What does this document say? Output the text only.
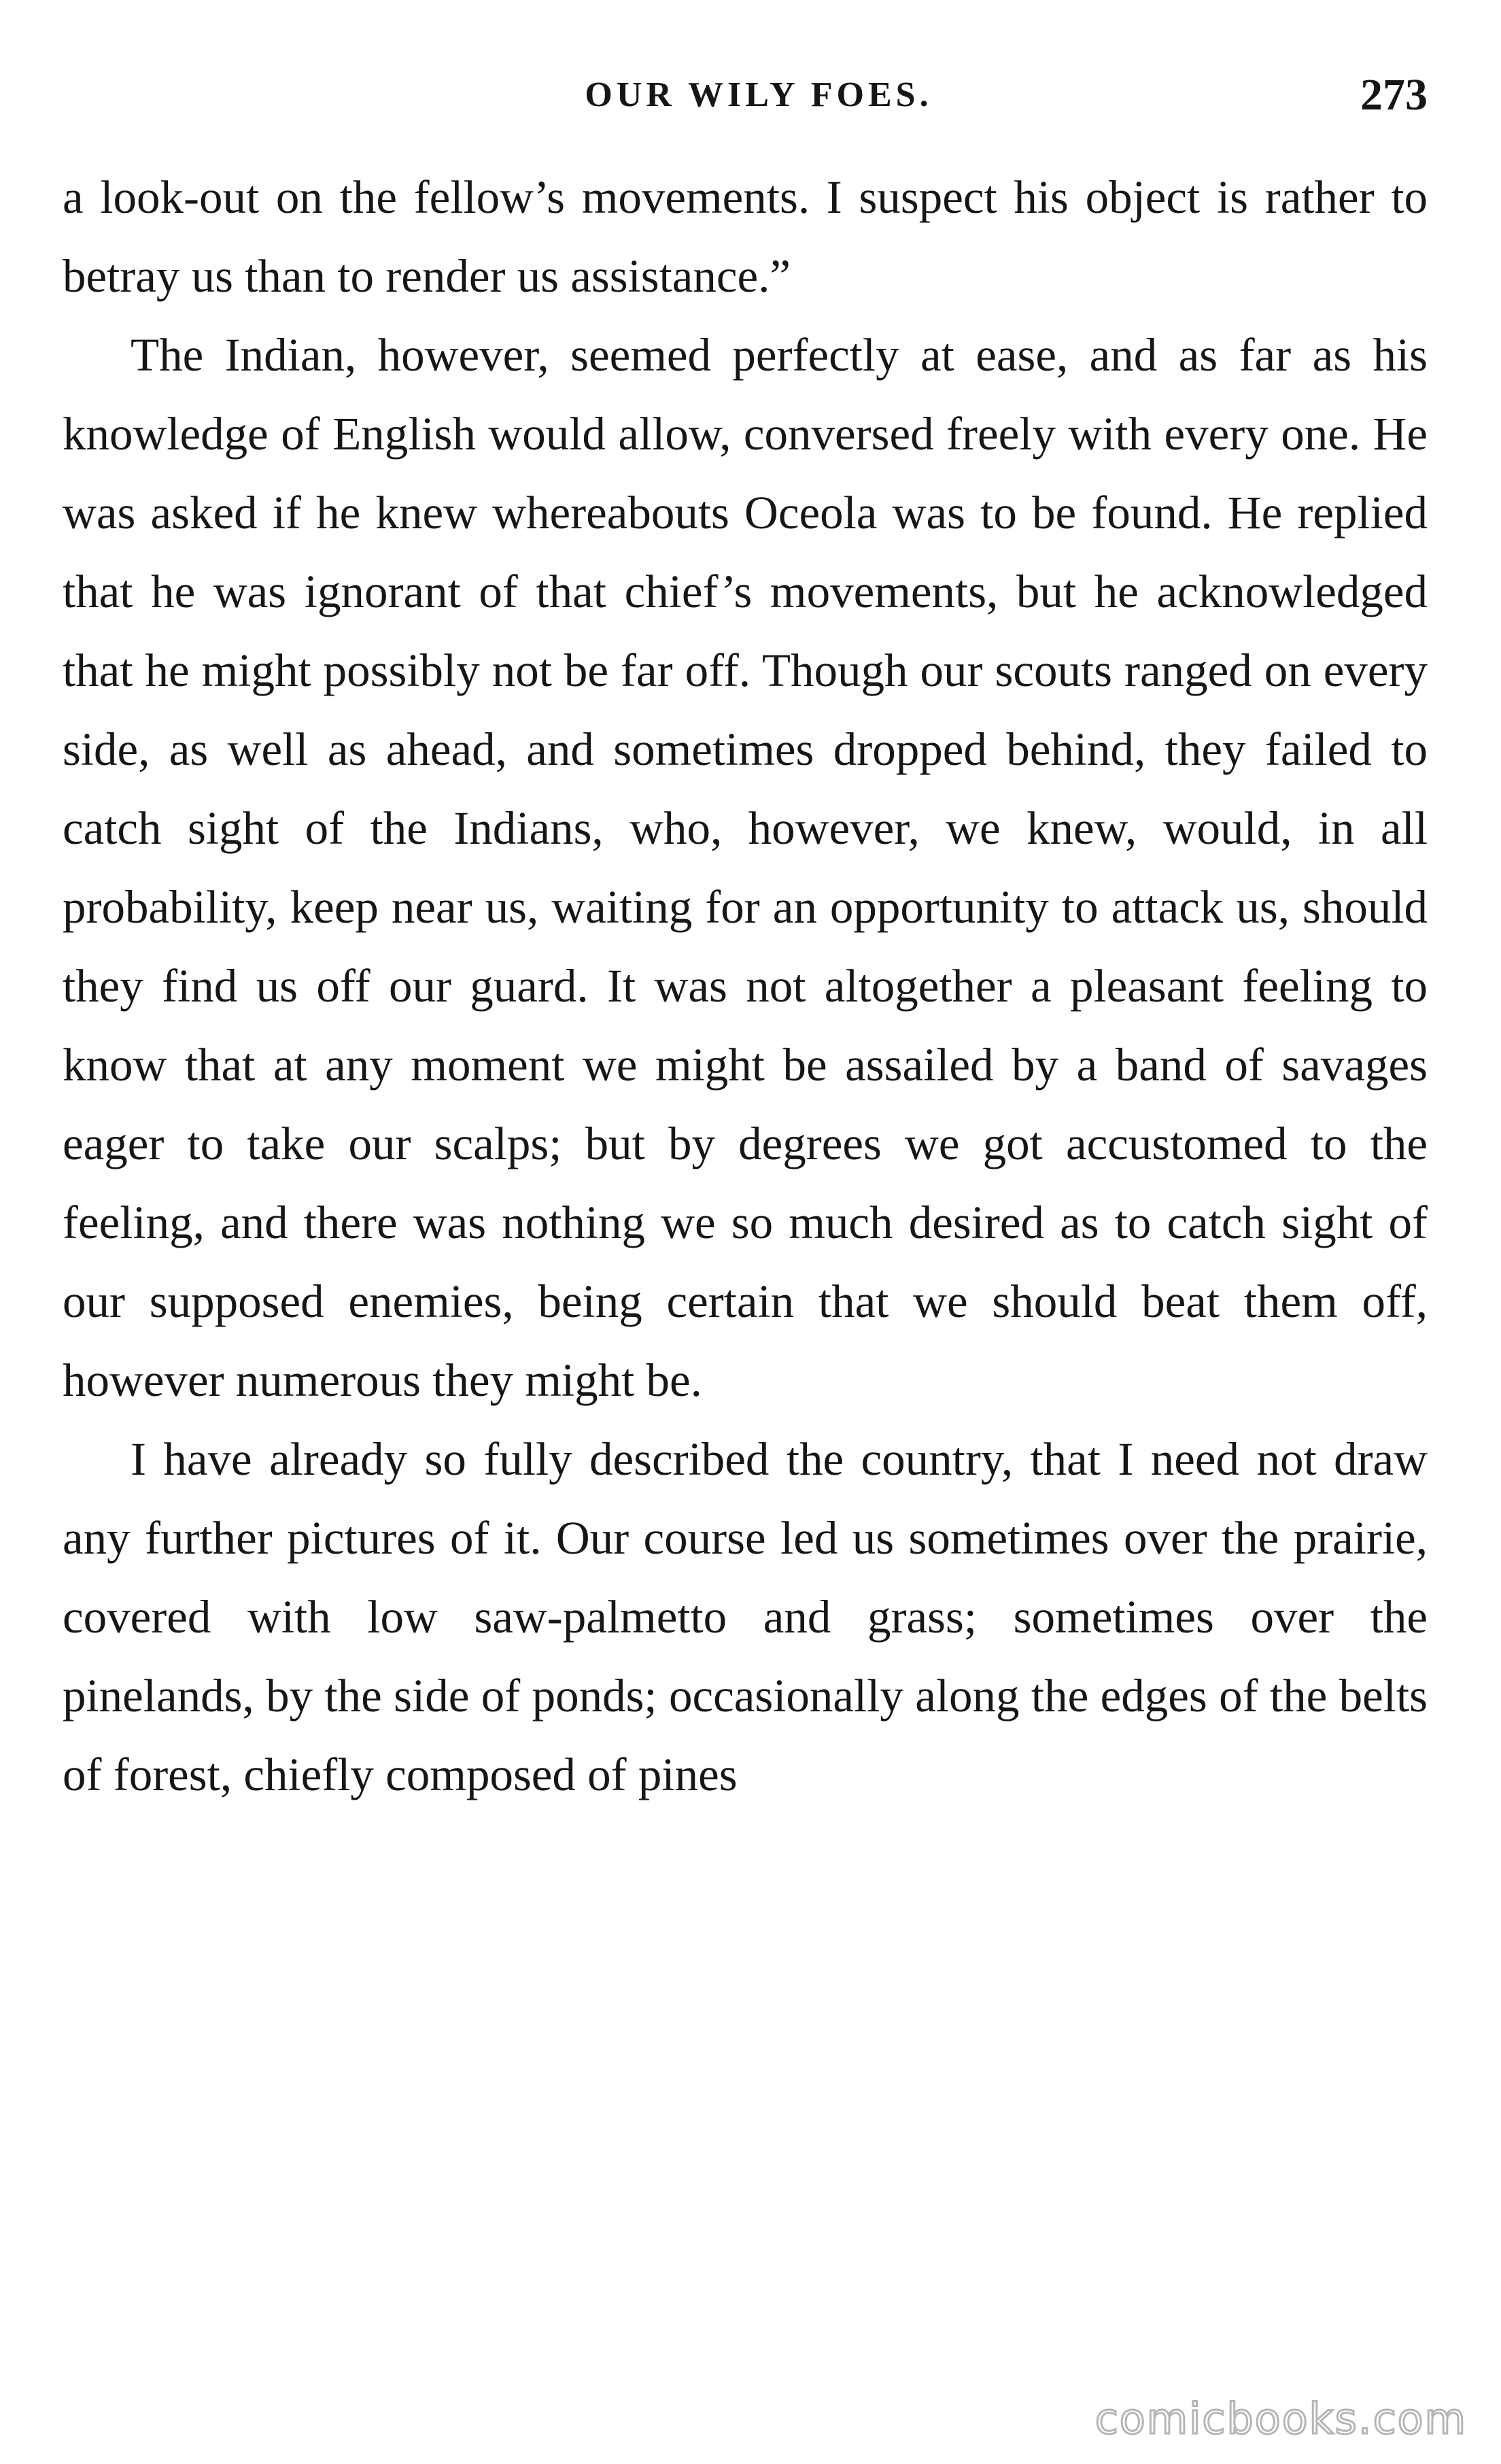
OUR WILY FOES.	273

a look-out on the fellow’s movements. I suspect his object is rather to betray us than to render us assistance.”

The Indian, however, seemed perfectly at ease, and as far as his knowledge of English would allow, conversed freely with every one. He was asked if he knew whereabouts Oceola was to be found. He replied that he was ignorant of that chief’s movements, but he acknowledged that he might possibly not be far off. Though our scouts ranged on every side, as well as ahead, and sometimes dropped behind, they failed to catch sight of the Indians, who, however, we knew, would, in all probability, keep near us, waiting for an opportunity to attack us, should they find us off our guard. It was not altogether a pleasant feeling to know that at any moment we might be assailed by a band of savages eager to take our scalps; but by degrees we got accustomed to the feeling, and there was nothing we so much desired as to catch sight of our supposed enemies, being certain that we should beat them off, however numerous they might be.

I have already so fully described the country, that I need not draw any further pictures of it. Our course led us sometimes over the prairie, covered with low saw-palmetto and grass; sometimes over the pinelands, by the side of ponds; occasionally along the edges of the belts of forest, chiefly composed of pines

comicbooks.com
